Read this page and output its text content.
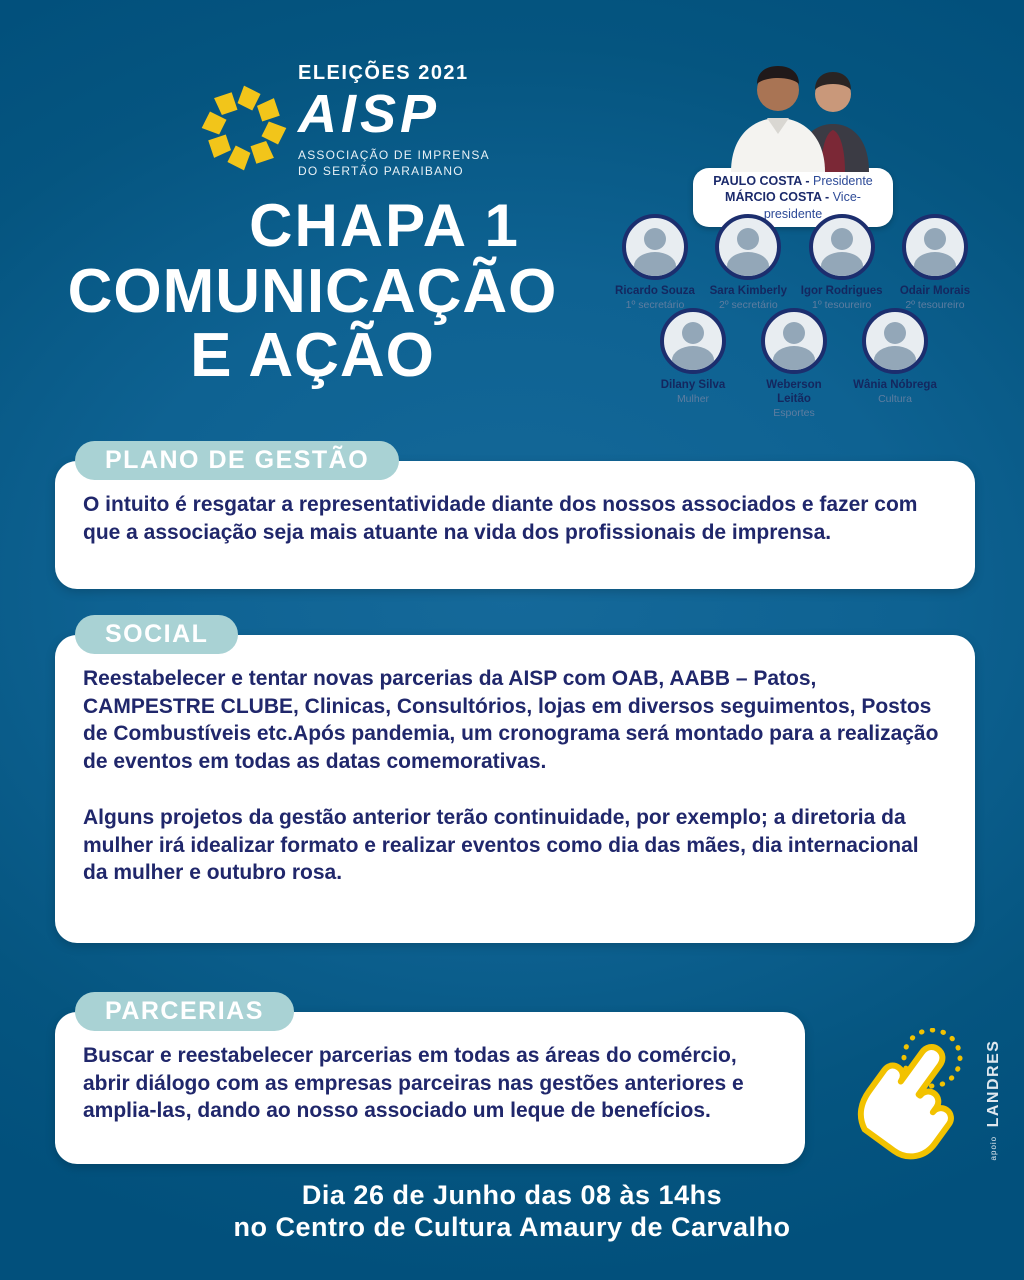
ELEIÇÕES 2021
AISP
ASSOCIAÇÃO DE IMPRENSA
DO SERTÃO PARAIBANO
PAULO COSTA - Presidente
MÁRCIO COSTA - Vice-presidente
CHAPA 1
COMUNICAÇÃO
E AÇÃO
Ricardo Souza
1º secretário
Sara Kimberly
2º secretário
Igor Rodrigues
1º tesoureiro
Odair Morais
2º tesoureiro
Dilany Silva
Mulher
Weberson Leitão
Esportes
Wânia Nóbrega
Cultura
PLANO DE GESTÃO

O intuito é resgatar a representatividade diante dos nossos associados e fazer com que a associação seja mais atuante na vida dos profissionais de imprensa.

SOCIAL

Reestabelecer e tentar novas parcerias da AISP com OAB, AABB – Patos, CAMPESTRE CLUBE, Clinicas, Consultórios, lojas em diversos seguimentos, Postos de Combustíveis etc.Após pandemia, um cronograma será montado para a realização de eventos em todas as datas comemorativas.

Alguns projetos da gestão anterior terão continuidade, por exemplo; a diretoria da mulher irá idealizar formato e realizar eventos como dia das mães, dia internacional da mulher e outubro rosa.

PARCERIAS

Buscar e reestabelecer parcerias em todas as áreas do comércio, abrir diálogo com as empresas parceiras nas gestões anteriores e amplia-las, dando ao nosso associado um leque de benefícios.

apoio LANDRES
Dia 26 de Junho das 08 às 14hs
no Centro de Cultura Amaury de Carvalho
